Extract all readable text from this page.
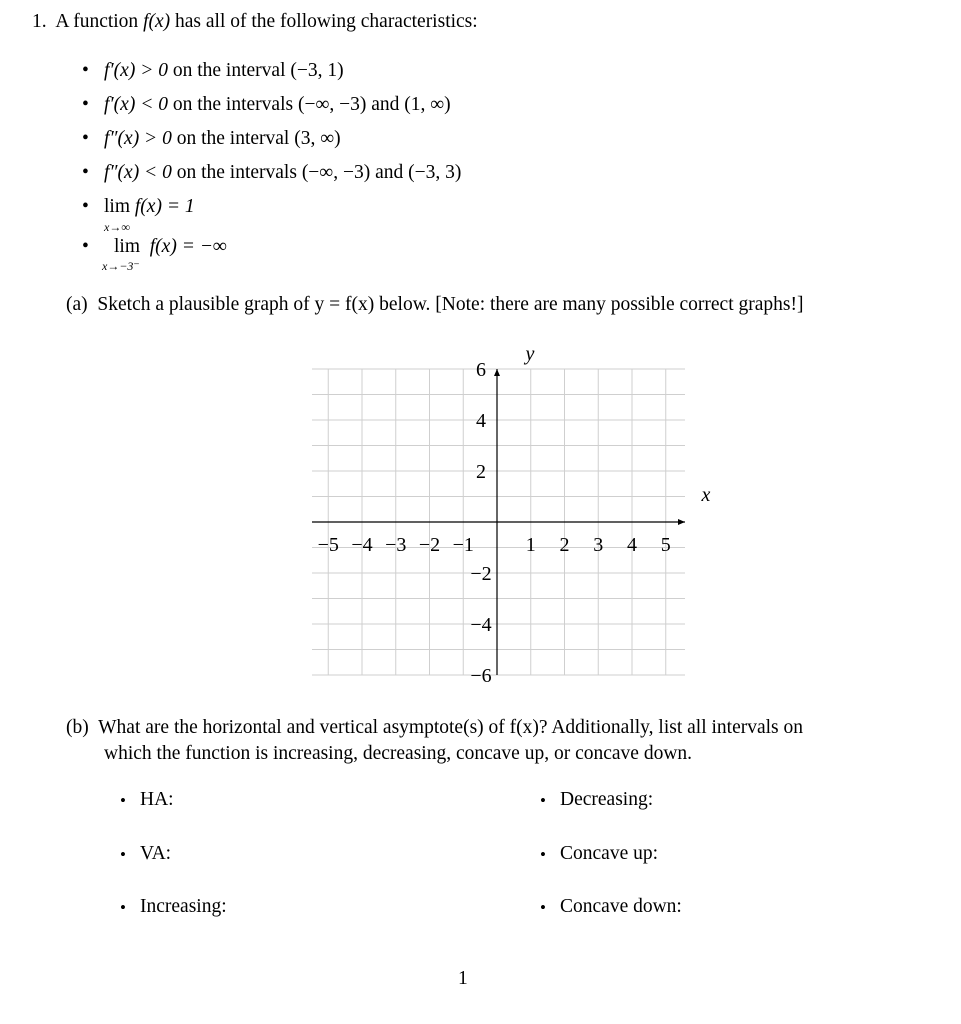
1. A function f(x) has all of the following characteristics:
• f′(x) > 0 on the interval (−3, 1)
• f′(x) < 0 on the intervals (−∞, −3) and (1, ∞)
• f″(x) > 0 on the interval (3, ∞)
• f″(x) < 0 on the intervals (−∞, −3) and (−3, 3)
• lim f(x) = 1
x→∞
• lim f(x) = −∞
x→−3⁻
(a) Sketch a plausible graph of y = f(x) below. [Note: there are many possible correct graphs!]
−5 −4 −3 −2 −1	1 2 3 4 5
6
4
2
−2
−4
−6
x
y
(b) What are the horizontal and vertical asymptote(s) of f(x)? Additionally, list all intervals on
which the function is increasing, decreasing, concave up, or concave down.
• HA:
• VA:
• Increasing:
• Decreasing:
• Concave up:
• Concave down:
1
